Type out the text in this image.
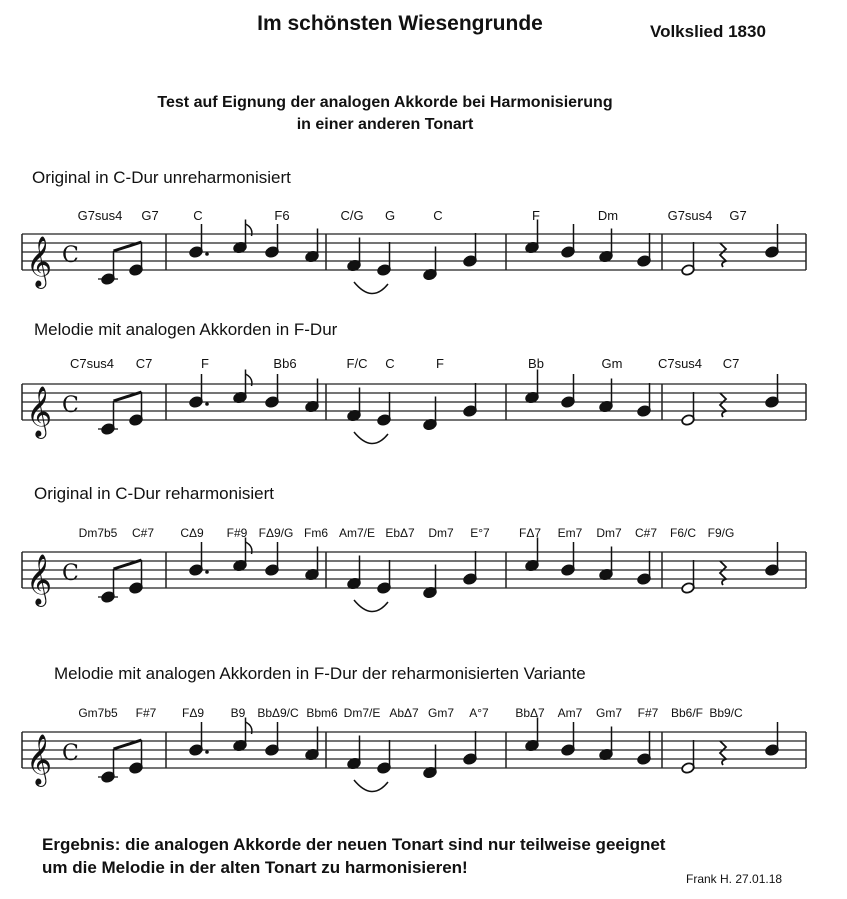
Im schönsten Wiesengrunde	Volkslied 1830
Test auf Eignung der analogen Akkorde bei Harmonisierung
in einer anderen Tonart
Original in C-Dur unreharmonisiert
G7sus4 G7	C	F6	C/G G	C	F	Dm	G7sus4 G7
𝄞 C
Melodie mit analogen Akkorden in F-Dur
C7sus4 C7	F	Bb6	F/C C	F	Bb	Gm	C7sus4 C7
𝄞 C
Original in C-Dur reharmonisiert
Dm7b5 C#7 CΔ9 F#9 FΔ9/G Fm6 Am7/E EbΔ7 Dm7 E°7 FΔ7 Em7 Dm7 C#7 F6/C F9/G
𝄞 C
Melodie mit analogen Akkorden in F-Dur der reharmonisierten Variante
Gm7b5 F#7 FΔ9 B9 BbΔ9/C Bbm6 Dm7/E AbΔ7 Gm7 A°7 BbΔ7 Am7 Gm7 F#7 Bb6/F Bb9/C
𝄞 C
Ergebnis: die analogen Akkorde der neuen Tonart sind nur teilweise geeignet
um die Melodie in der alten Tonart zu harmonisieren!
Frank H. 27.01.18
